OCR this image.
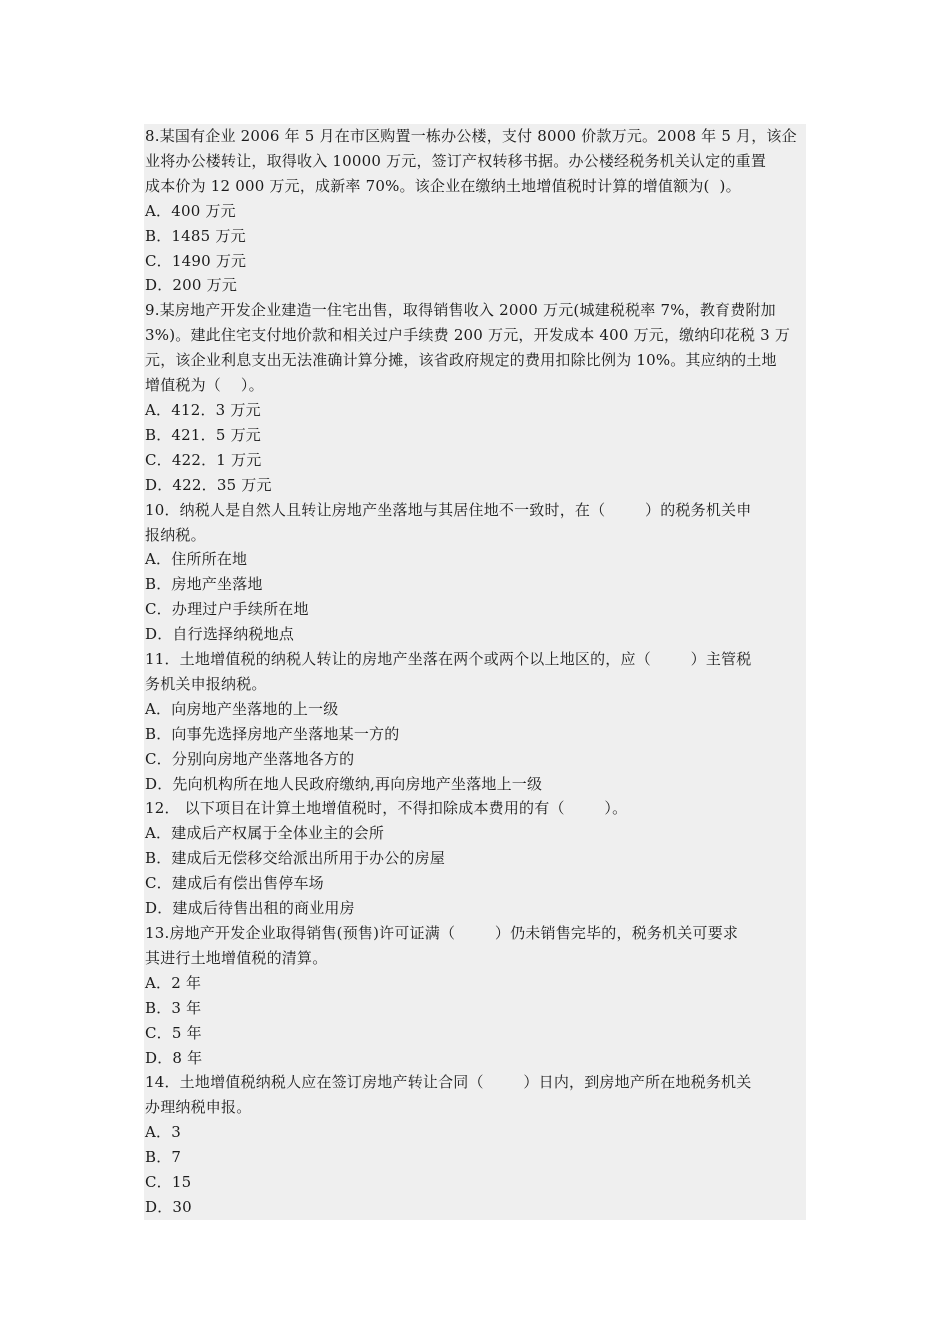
8.某国有企业 2006 年 5 月在市区购置一栋办公楼，支付 8000 价款万元。2008 年 5 月，该企

业将办公楼转让，取得收入 10000 万元，签订产权转移书据。办公楼经税务机关认定的重置

成本价为 12 000 万元，成新率 70%。该企业在缴纳土地增值税时计算的增值额为(  )。

A．400 万元

B．1485 万元

C．1490 万元

D．200 万元

9.某房地产开发企业建造一住宅出售，取得销售收入 2000 万元(城建税税率 7%，教育费附加

3%)。建此住宅支付地价款和相关过户手续费 200 万元，开发成本 400 万元，缴纳印花税 3 万

元，该企业利息支出无法准确计算分摊，该省政府规定的费用扣除比例为 10%。其应纳的土地

增值税为（    ）。

A．412．3 万元

B．421．5 万元

C．422．1 万元

D．422．35 万元

10．纳税人是自然人且转让房地产坐落地与其居住地不一致时，在（        ）的税务机关申

报纳税。

A．住所所在地

B．房地产坐落地

C．办理过户手续所在地

D．自行选择纳税地点

11．土地增值税的纳税人转让的房地产坐落在两个或两个以上地区的，应（        ）主管税

务机关申报纳税。

A．向房地产坐落地的上一级

B．向事先选择房地产坐落地某一方的

C．分别向房地产坐落地各方的

D．先向机构所在地人民政府缴纳,再向房地产坐落地上一级

12． 以下项目在计算土地增值税时，不得扣除成本费用的有（        ）。

A．建成后产权属于全体业主的会所

B．建成后无偿移交给派出所用于办公的房屋

C．建成后有偿出售停车场

D．建成后待售出租的商业用房

13.房地产开发企业取得销售(预售)许可证满（        ）仍未销售完毕的，税务机关可要求

其进行土地增值税的清算。

A．2 年

B．3 年

C．5 年

D．8 年

14．土地增值税纳税人应在签订房地产转让合同（        ）日内，到房地产所在地税务机关

办理纳税申报。

A．3

B．7

C．15

D．30
